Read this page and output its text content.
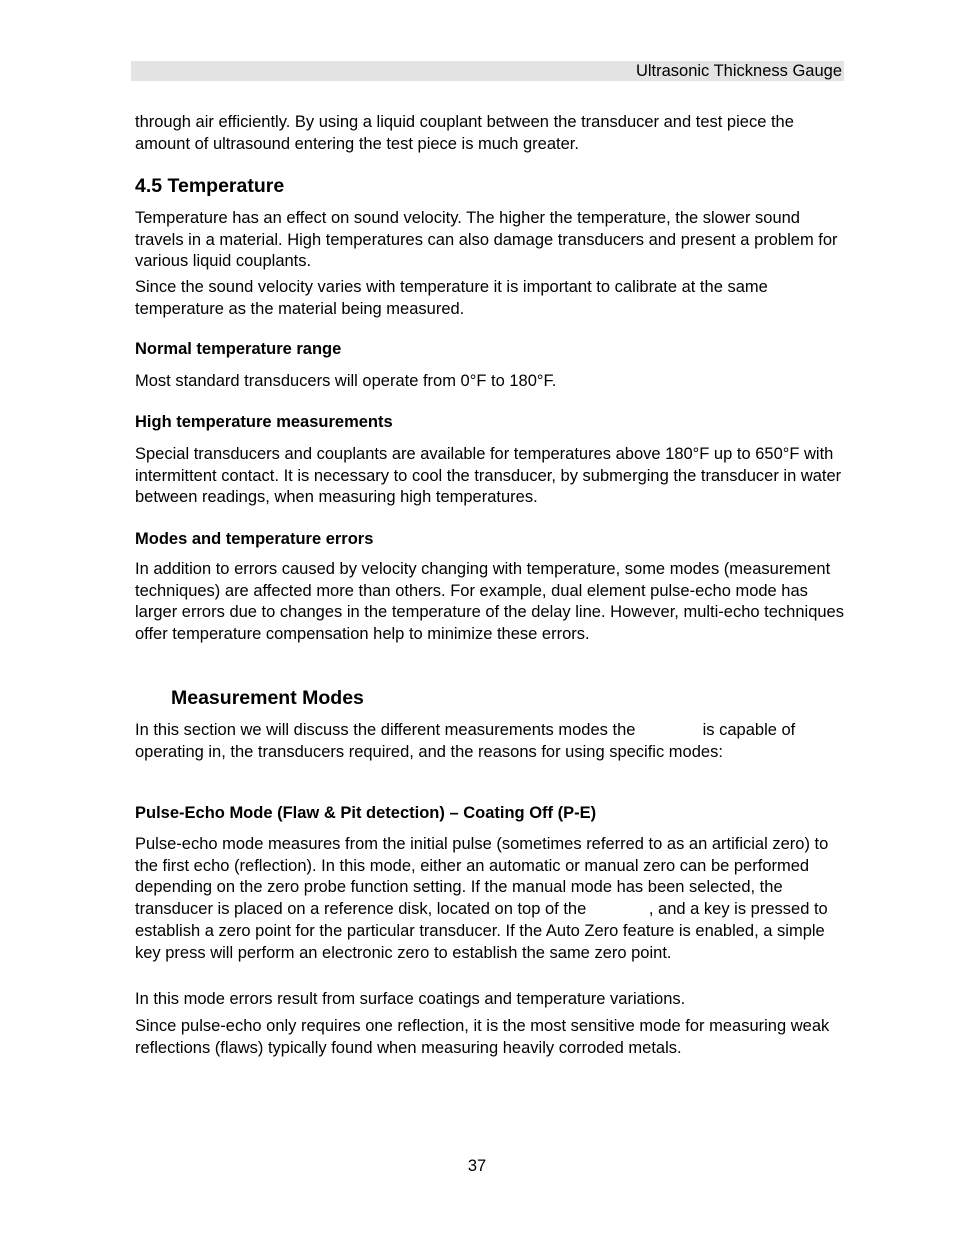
Ultrasonic Thickness Gauge

through air efficiently. By using a liquid couplant between the transducer and test piece the amount of ultrasound entering the test piece is much greater.

4.5 Temperature

Temperature has an effect on sound velocity. The higher the temperature, the slower sound travels in a material. High temperatures can also damage transducers and present a problem for various liquid couplants.

Since the sound velocity varies with temperature it is important to calibrate at the same temperature as the material being measured.

Normal temperature range

Most standard transducers will operate from 0°F to 180°F.

High temperature measurements

Special transducers and couplants are available for temperatures above 180°F up to 650°F with intermittent contact. It is necessary to cool the transducer, by submerging the transducer in water between readings, when measuring high temperatures.

Modes and temperature errors

In addition to errors caused by velocity changing with temperature, some modes (measurement techniques) are affected more than others. For example, dual element pulse-echo mode has larger errors due to changes in the temperature of the delay line. However, multi-echo techniques offer temperature compensation help to minimize these errors.

Measurement Modes

In this section we will discuss the different measurements modes the	is capable of operating in, the transducers required, and the reasons for using specific modes:

Pulse-Echo Mode (Flaw & Pit detection) – Coating Off (P-E)

Pulse-echo mode measures from the initial pulse (sometimes referred to as an artificial zero) to the first echo (reflection). In this mode, either an automatic or manual zero can be performed depending on the zero probe function setting. If the manual mode has been selected, the transducer is placed on a reference disk, located on top of the	, and a key is pressed to establish a zero point for the particular transducer. If the Auto Zero feature is enabled, a simple key press will perform an electronic zero to establish the same zero point.

In this mode errors result from surface coatings and temperature variations.

Since pulse-echo only requires one reflection, it is the most sensitive mode for measuring weak reflections (flaws) typically found when measuring heavily corroded metals.

37
